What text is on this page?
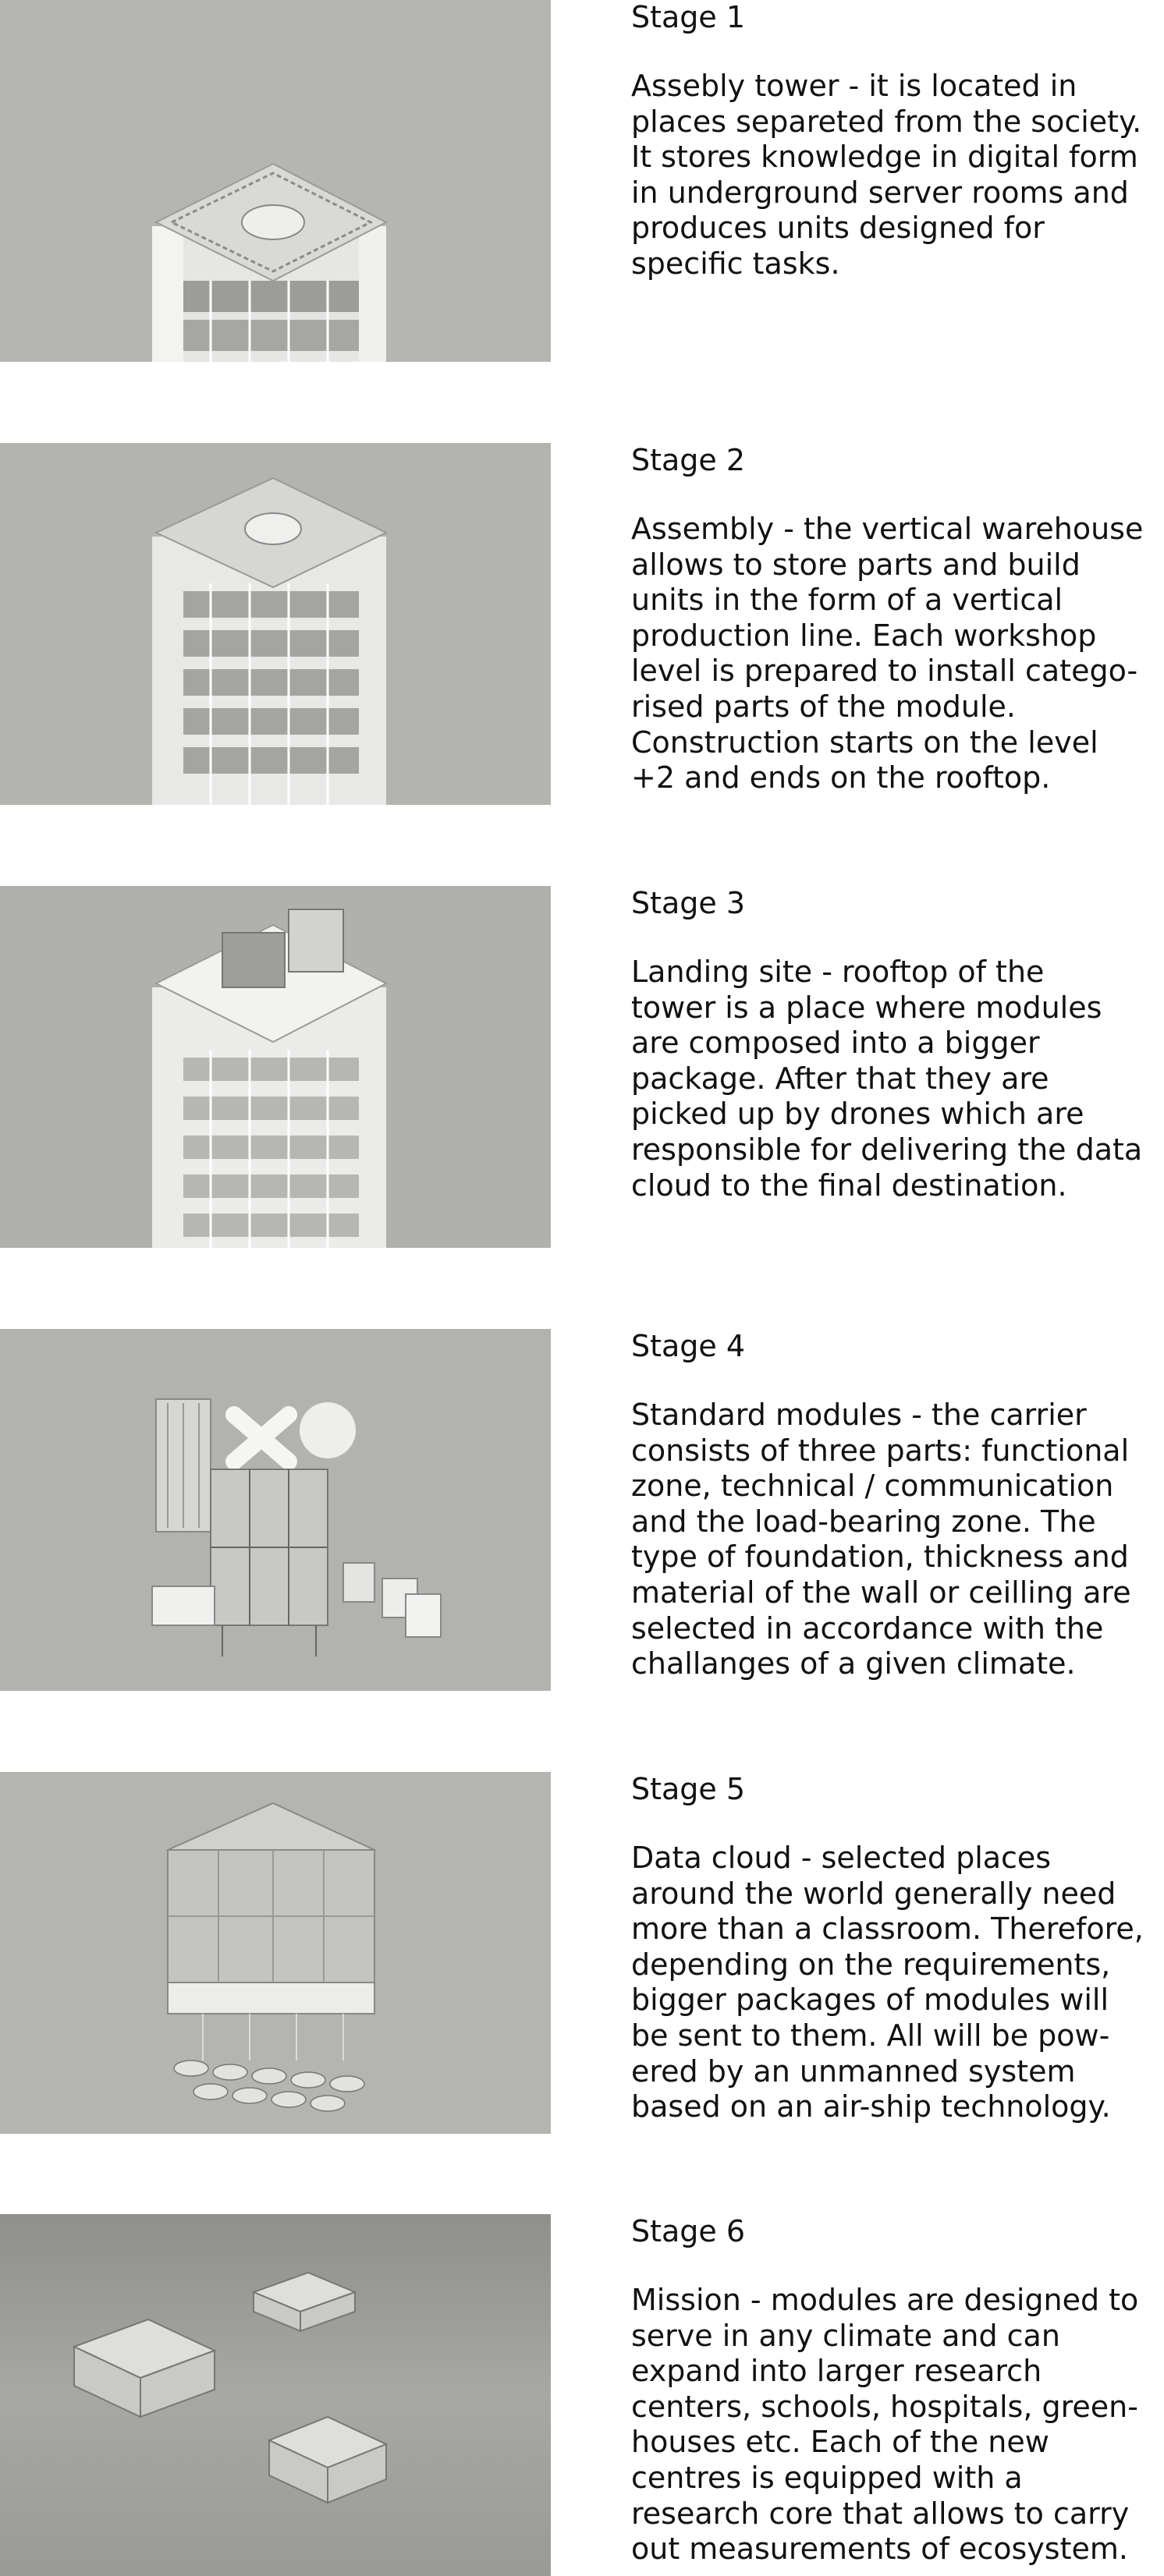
Stage 1

Assebly tower - it is located in
places separeted from the society.
It stores knowledge in digital form
in underground server rooms and
produces units designed for
specific tasks.

Stage 2

Assembly - the vertical warehouse
allows to store parts and build
units in the form of a vertical
production line. Each workshop
level is prepared to install catego-
rised parts of the module.
Construction starts on the level
+2 and ends on the rooftop.

Stage 3

Landing site - rooftop of the
tower is a place where modules
are composed into a bigger
package. After that they are
picked up by drones which are
responsible for delivering the data
cloud to the final destination.

Stage 4

Standard modules - the carrier
consists of three parts: functional
zone, technical / communication
and the load-bearing zone. The
type of foundation, thickness and
material of the wall or ceilling are
selected in accordance with the
challanges of a given climate.

Stage 5

Data cloud - selected places
around the world generally need
more than a classroom. Therefore,
depending on the requirements,
bigger packages of modules will
be sent to them. All will be pow-
ered by an unmanned system
based on an air-ship technology.

Stage 6

Mission - modules are designed to
serve in any climate and can
expand into larger research
centers, schools, hospitals, green-
houses etc. Each of the new
centres is equipped with a
research core that allows to carry
out measurements of ecosystem.
